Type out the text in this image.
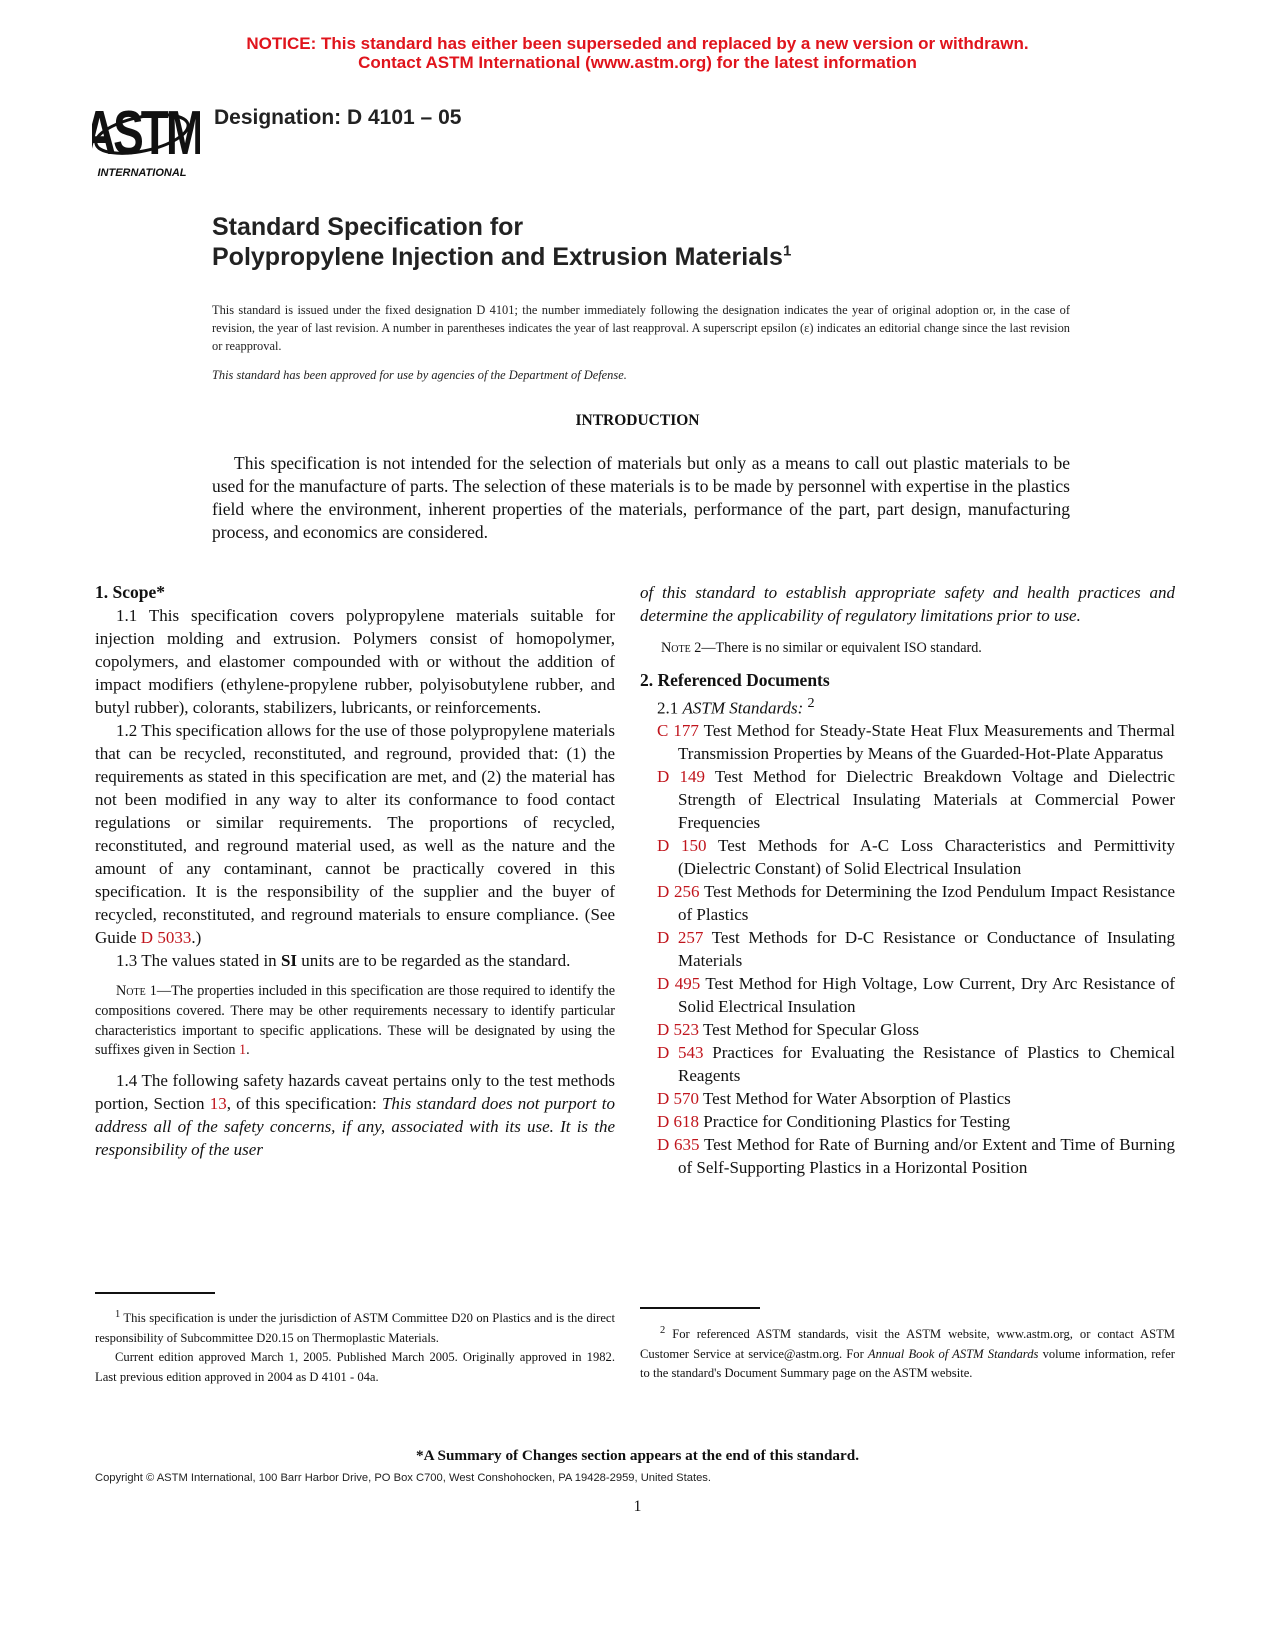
NOTICE: This standard has either been superseded and replaced by a new version or withdrawn.
Contact ASTM International (www.astm.org) for the latest information
ASTM
INTERNATIONAL
Designation: D 4101 – 05
Standard Specification for
Polypropylene Injection and Extrusion Materials$^1$
This standard is issued under the fixed designation D 4101; the number immediately following the designation indicates the year of original adoption or, in the case of revision, the year of last revision. A number in parentheses indicates the year of last reapproval. A superscript epsilon (ε) indicates an editorial change since the last revision or reapproval.
This standard has been approved for use by agencies of the Department of Defense.
INTRODUCTION
This specification is not intended for the selection of materials but only as a means to call out plastic materials to be used for the manufacture of parts. The selection of these materials is to be made by personnel with expertise in the plastics field where the environment, inherent properties of the materials, performance of the part, part design, manufacturing process, and economics are considered.
1. Scope*

1.1 This specification covers polypropylene materials suitable for injection molding and extrusion. Polymers consist of homopolymer, copolymers, and elastomer compounded with or without the addition of impact modifiers (ethylene-propylene rubber, polyisobutylene rubber, and butyl rubber), colorants, stabilizers, lubricants, or reinforcements.

1.2 This specification allows for the use of those polypropylene materials that can be recycled, reconstituted, and reground, provided that: (1) the requirements as stated in this specification are met, and (2) the material has not been modified in any way to alter its conformance to food contact regulations or similar requirements. The proportions of recycled, reconstituted, and reground material used, as well as the nature and the amount of any contaminant, cannot be practically covered in this specification. It is the responsibility of the supplier and the buyer of recycled, reconstituted, and reground materials to ensure compliance. (See Guide D 5033.)

1.3 The values stated in SI units are to be regarded as the standard.

Note 1—The properties included in this specification are those required to identify the compositions covered. There may be other requirements necessary to identify particular characteristics important to specific applications. These will be designated by using the suffixes given in Section 1.

1.4 The following safety hazards caveat pertains only to the test methods portion, Section 13, of this specification: This standard does not purport to address all of the safety concerns, if any, associated with its use. It is the responsibility of the user

of this standard to establish appropriate safety and health practices and determine the applicability of regulatory limitations prior to use.

Note 2—There is no similar or equivalent ISO standard.

2. Referenced Documents
2.1 ASTM Standards: $^2$
C 177 Test Method for Steady-State Heat Flux Measurements and Thermal Transmission Properties by Means of the Guarded-Hot-Plate Apparatus
D 149 Test Method for Dielectric Breakdown Voltage and Dielectric Strength of Electrical Insulating Materials at Commercial Power Frequencies
D 150 Test Methods for A-C Loss Characteristics and Permittivity (Dielectric Constant) of Solid Electrical Insulation
D 256 Test Methods for Determining the Izod Pendulum Impact Resistance of Plastics
D 257 Test Methods for D-C Resistance or Conductance of Insulating Materials
D 495 Test Method for High Voltage, Low Current, Dry Arc Resistance of Solid Electrical Insulation
D 523 Test Method for Specular Gloss
D 543 Practices for Evaluating the Resistance of Plastics to Chemical Reagents
D 570 Test Method for Water Absorption of Plastics
D 618 Practice for Conditioning Plastics for Testing
D 635 Test Method for Rate of Burning and/or Extent and Time of Burning of Self-Supporting Plastics in a Horizontal Position
$^1$ This specification is under the jurisdiction of ASTM Committee D20 on Plastics and is the direct responsibility of Subcommittee D20.15 on Thermoplastic Materials.
Current edition approved March 1, 2005. Published March 2005. Originally approved in 1982. Last previous edition approved in 2004 as D 4101 - 04a.
$^2$ For referenced ASTM standards, visit the ASTM website, www.astm.org, or contact ASTM Customer Service at service@astm.org. For Annual Book of ASTM Standards volume information, refer to the standard's Document Summary page on the ASTM website.
*A Summary of Changes section appears at the end of this standard.
Copyright © ASTM International, 100 Barr Harbor Drive, PO Box C700, West Conshohocken, PA 19428-2959, United States.
1
